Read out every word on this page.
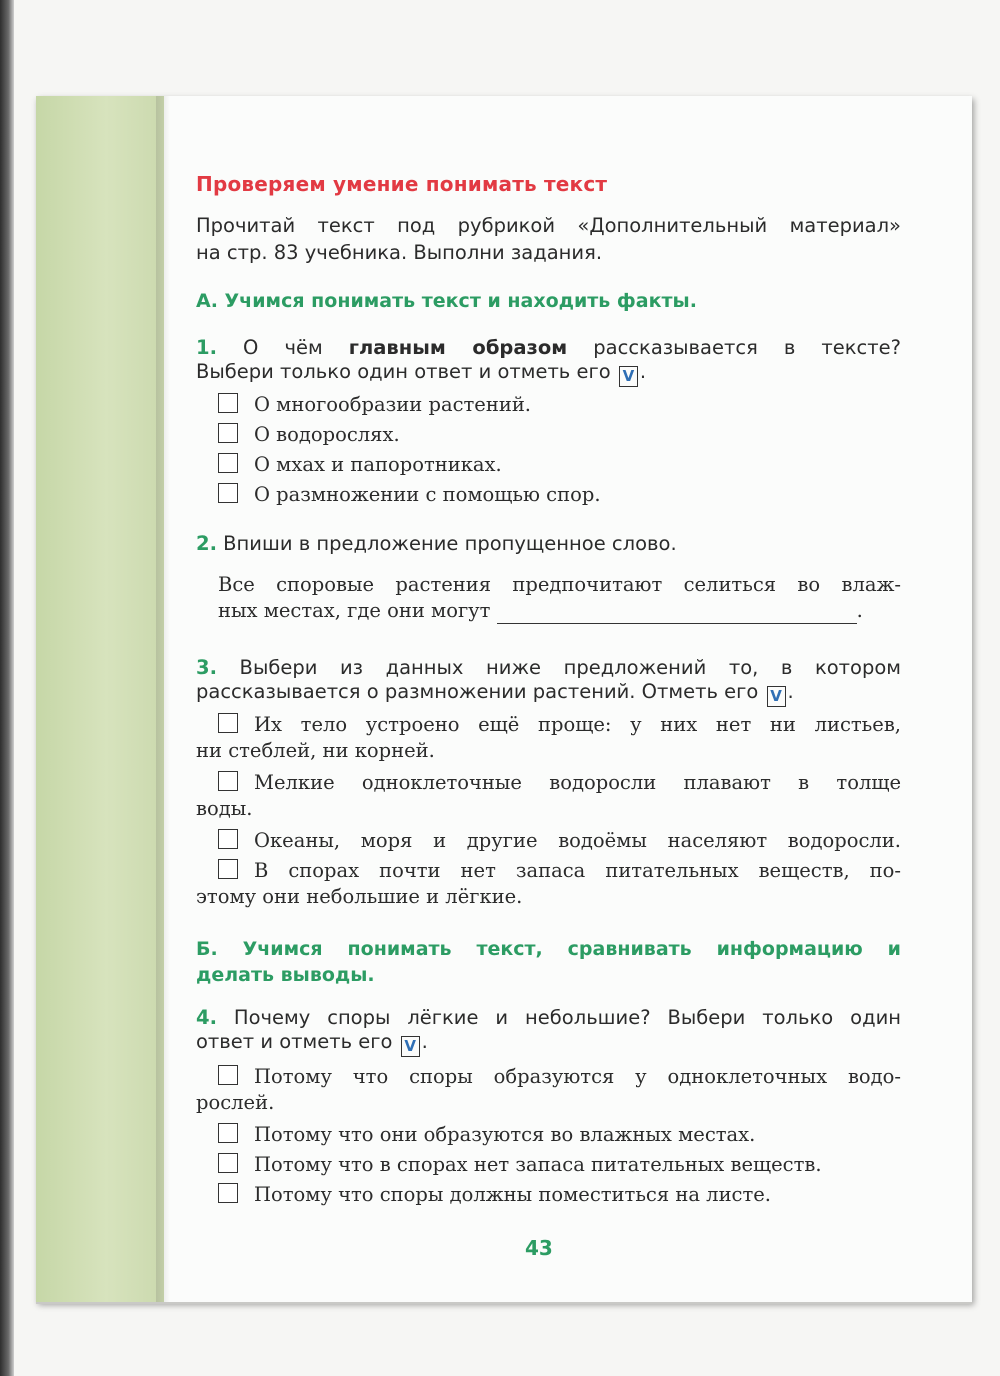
Проверяем умение понимать текст
Прочитай текст под рубрикой «Дополнительный материал»
на стр. 83 учебника. Выполни задания.
А. Учимся понимать текст и находить факты.
1. О чём главным образом рассказывается в тексте?
Выбери только один ответ и отметь его V .
О многообразии растений.
О водорослях.
О мхах и папоротниках.
О размножении с помощью спор.
2. Впиши в предложение пропущенное слово.
Все споровые растения предпочитают селиться во влаж-
ных местах, где они могут	.
3. Выбери из данных ниже предложений то, в котором
рассказывается о размножении растений. Отметь его V .
Их тело устроено ещё проще: у них нет ни листьев,
ни стеблей, ни корней.
Мелкие одноклеточные водоросли плавают в толще
воды.
Океаны, моря и другие водоёмы населяют водоросли.
В спорах почти нет запаса питательных веществ, по-
этому они небольшие и лёгкие.
Б. Учимся понимать текст, сравнивать информацию и
делать выводы.
4. Почему споры лёгкие и небольшие? Выбери только один
ответ и отметь его V .
Потому что споры образуются у одноклеточных водо-
рослей.
Потому что они образуются во влажных местах.
Потому что в спорах нет запаса питательных веществ.
Потому что споры должны поместиться на листе.
43
